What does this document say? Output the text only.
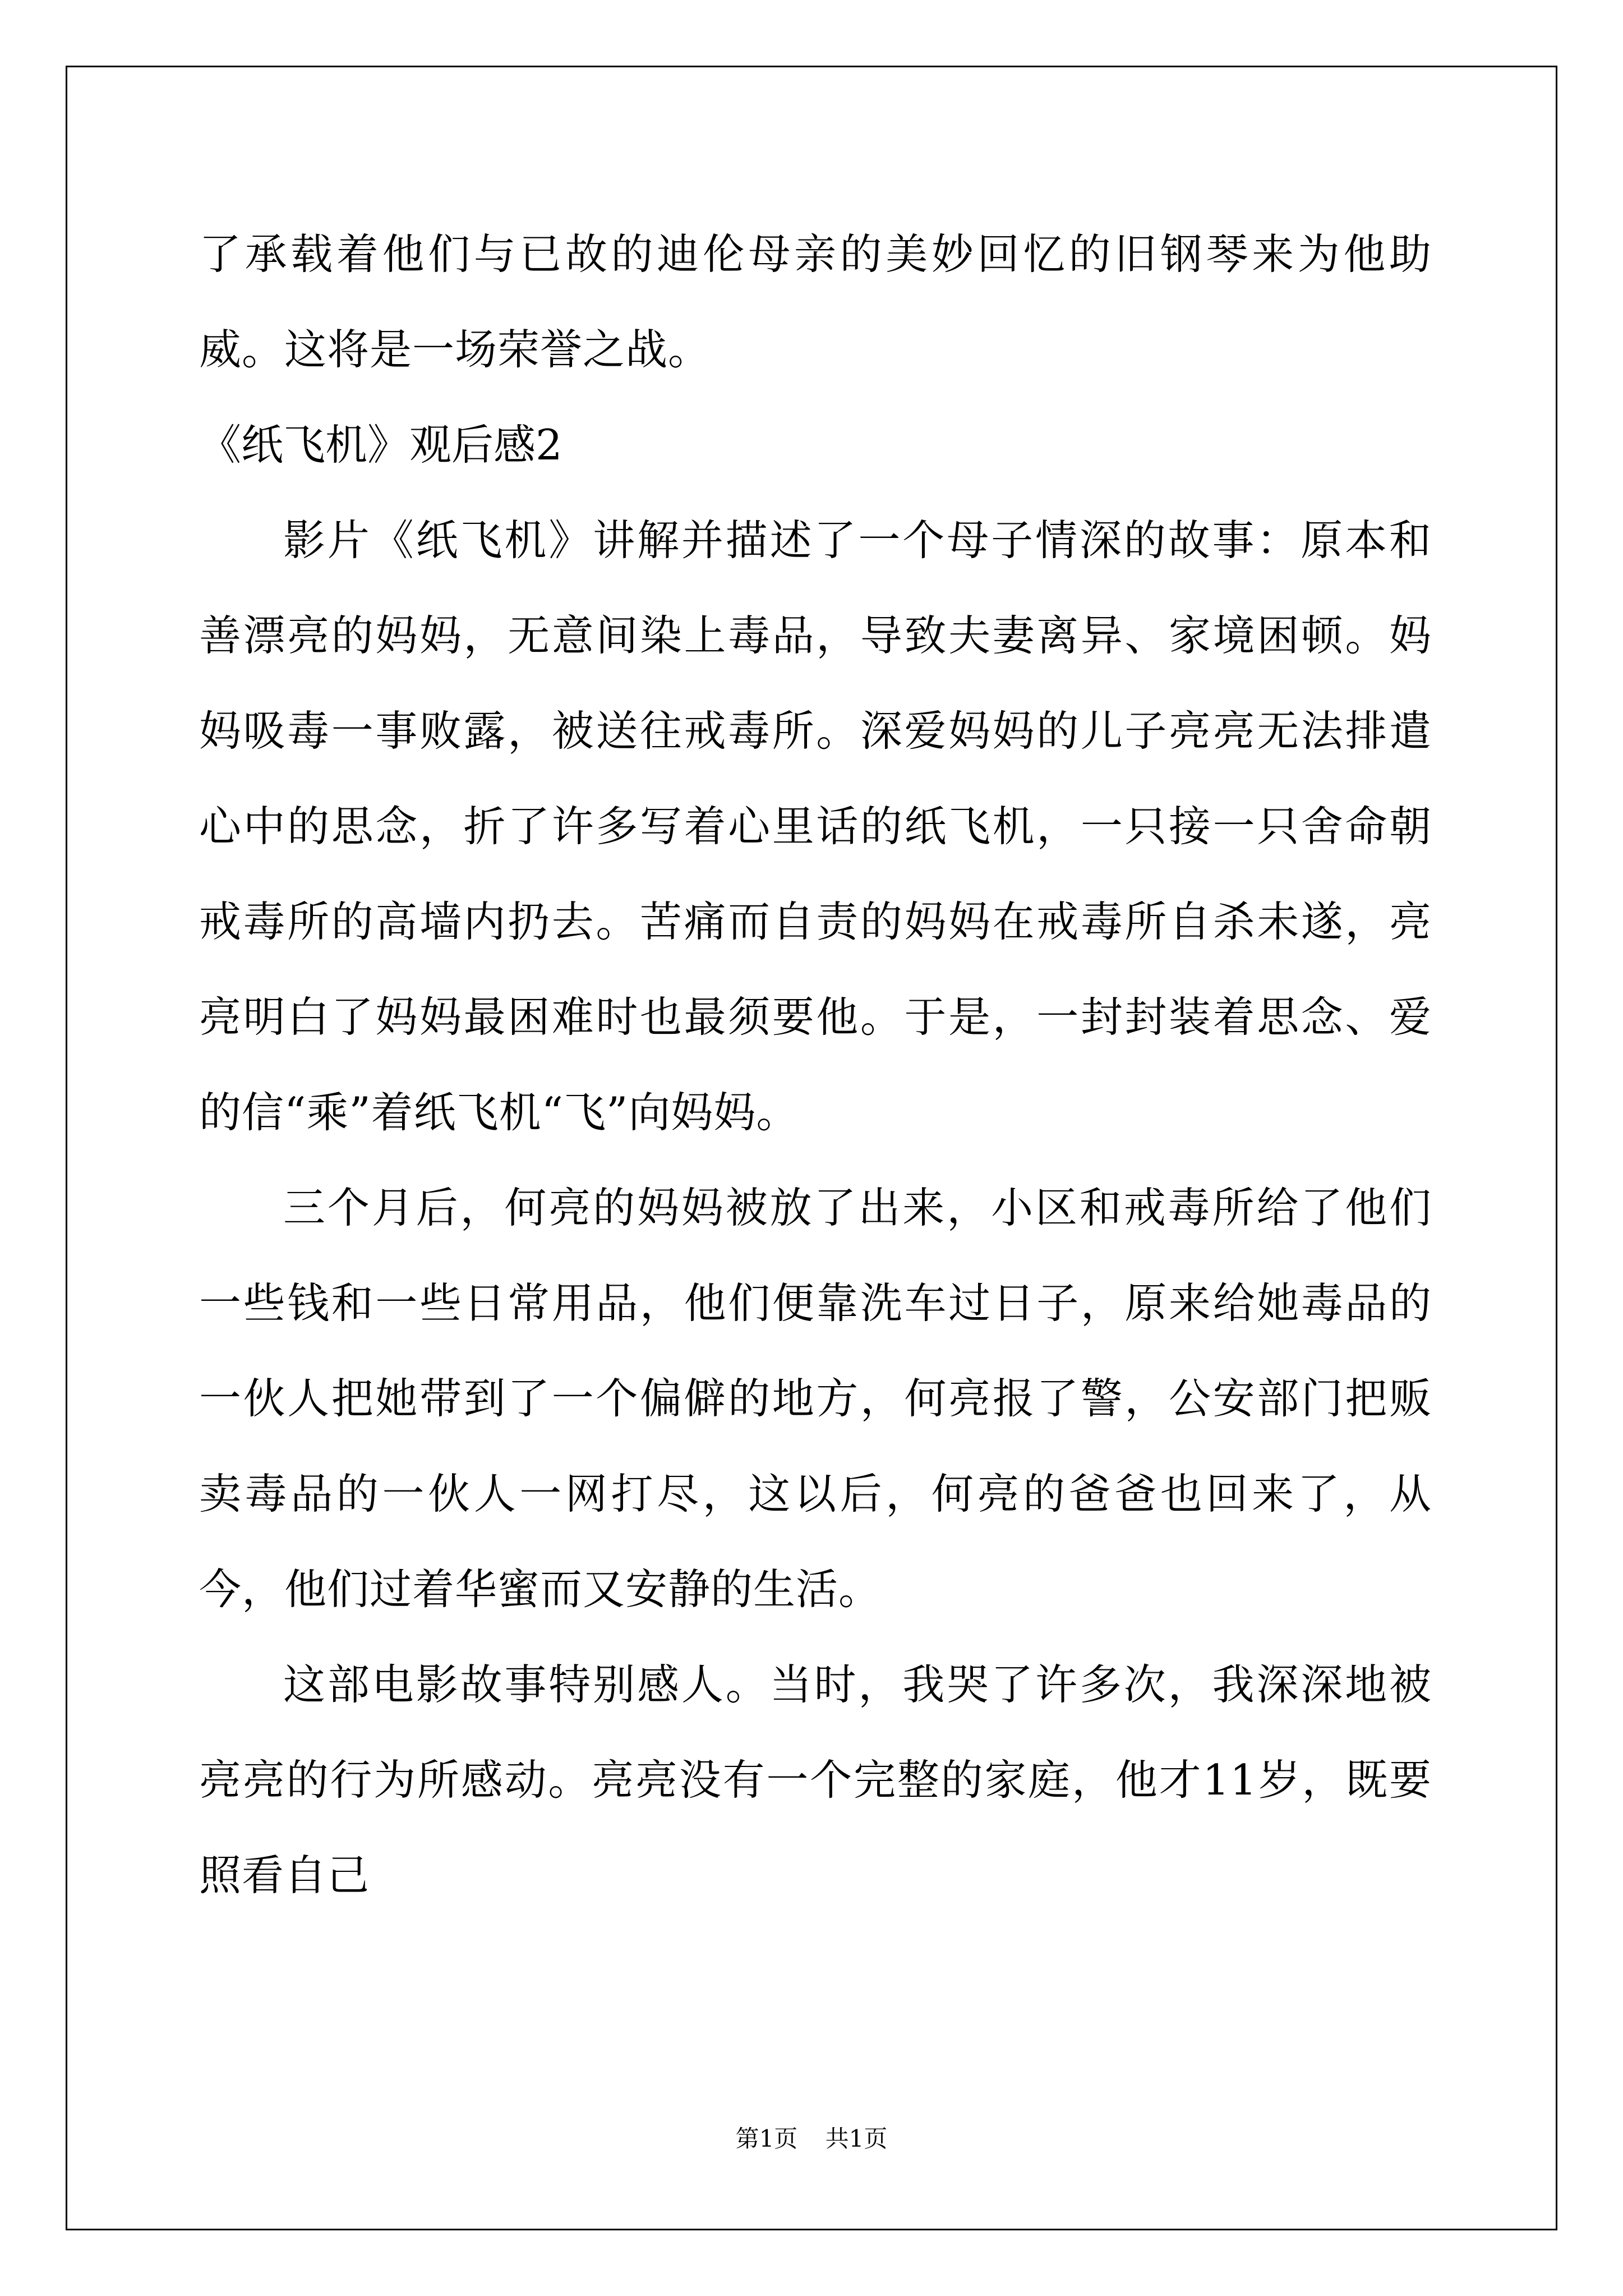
了承载着他们与已故的迪伦母亲的美妙回忆的旧钢琴来为他助威。这将是一场荣誉之战。

《纸飞机》观后感2

影片《纸飞机》讲解并描述了一个母子情深的故事：原本和善漂亮的妈妈，无意间染上毒品，导致夫妻离异、家境困顿。妈妈吸毒一事败露，被送往戒毒所。深爱妈妈的儿子亮亮无法排遣心中的思念，折了许多写着心里话的纸飞机，一只接一只舍命朝戒毒所的高墙内扔去。苦痛而自责的妈妈在戒毒所自杀未遂，亮亮明白了妈妈最困难时也最须要他。于是，一封封装着思念、爱的信“乘”着纸飞机“飞”向妈妈。

三个月后，何亮的妈妈被放了出来，小区和戒毒所给了他们一些钱和一些日常用品，他们便靠洗车过日子，原来给她毒品的一伙人把她带到了一个偏僻的地方，何亮报了警，公安部门把贩卖毒品的一伙人一网打尽，这以后，何亮的爸爸也回来了，从今，他们过着华蜜而又安静的生活。

这部电影故事特别感人。当时，我哭了许多次，我深深地被亮亮的行为所感动。亮亮没有一个完整的家庭，他才11岁，既要照看自己

第1页 共1页
